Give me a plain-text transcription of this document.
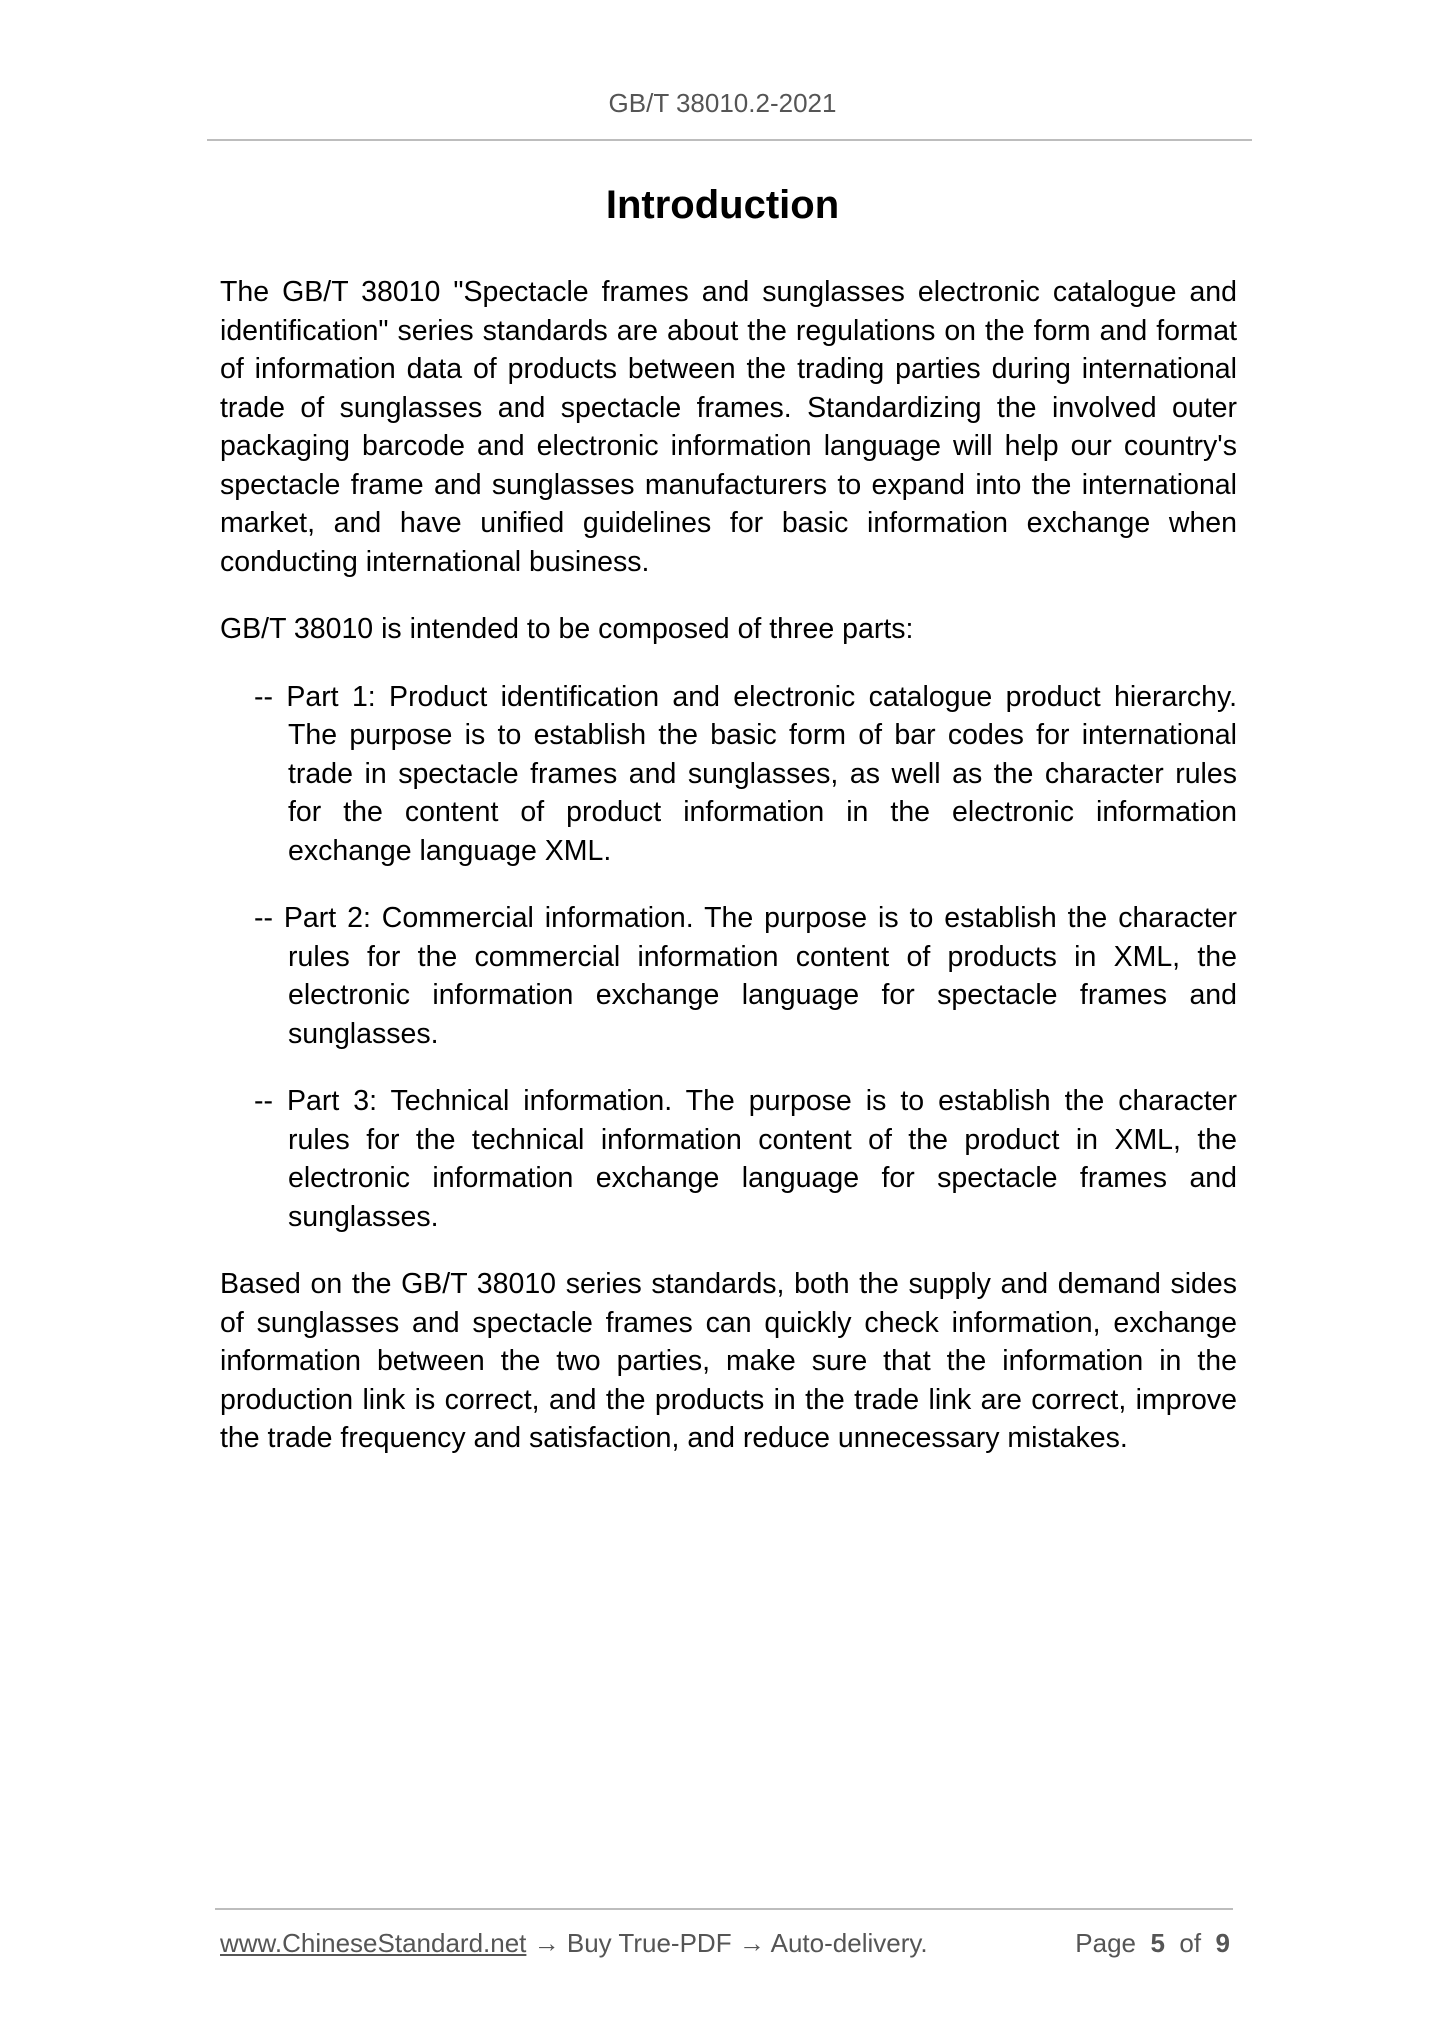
GB/T 38010.2-2021
Introduction

The GB/T 38010 "Spectacle frames and sunglasses electronic catalogue and identification" series standards are about the regulations on the form and format of information data of products between the trading parties during international trade of sunglasses and spectacle frames. Standardizing the involved outer packaging barcode and electronic information language will help our country's spectacle frame and sunglasses manufacturers to expand into the international market, and have unified guidelines for basic information exchange when conducting international business.

GB/T 38010 is intended to be composed of three parts:

-- Part 1: Product identification and electronic catalogue product hierarchy. The purpose is to establish the basic form of bar codes for international trade in spectacle frames and sunglasses, as well as the character rules for the content of product information in the electronic information exchange language XML.

-- Part 2: Commercial information. The purpose is to establish the character rules for the commercial information content of products in XML, the electronic information exchange language for spectacle frames and sunglasses.

-- Part 3: Technical information. The purpose is to establish the character rules for the technical information content of the product in XML, the electronic information exchange language for spectacle frames and sunglasses.

Based on the GB/T 38010 series standards, both the supply and demand sides of sunglasses and spectacle frames can quickly check information, exchange information between the two parties, make sure that the information in the production link is correct, and the products in the trade link are correct, improve the trade frequency and satisfaction, and reduce unnecessary mistakes.

www.ChineseStandard.net → Buy True-PDF → Auto-delivery.	Page 5 of 9
